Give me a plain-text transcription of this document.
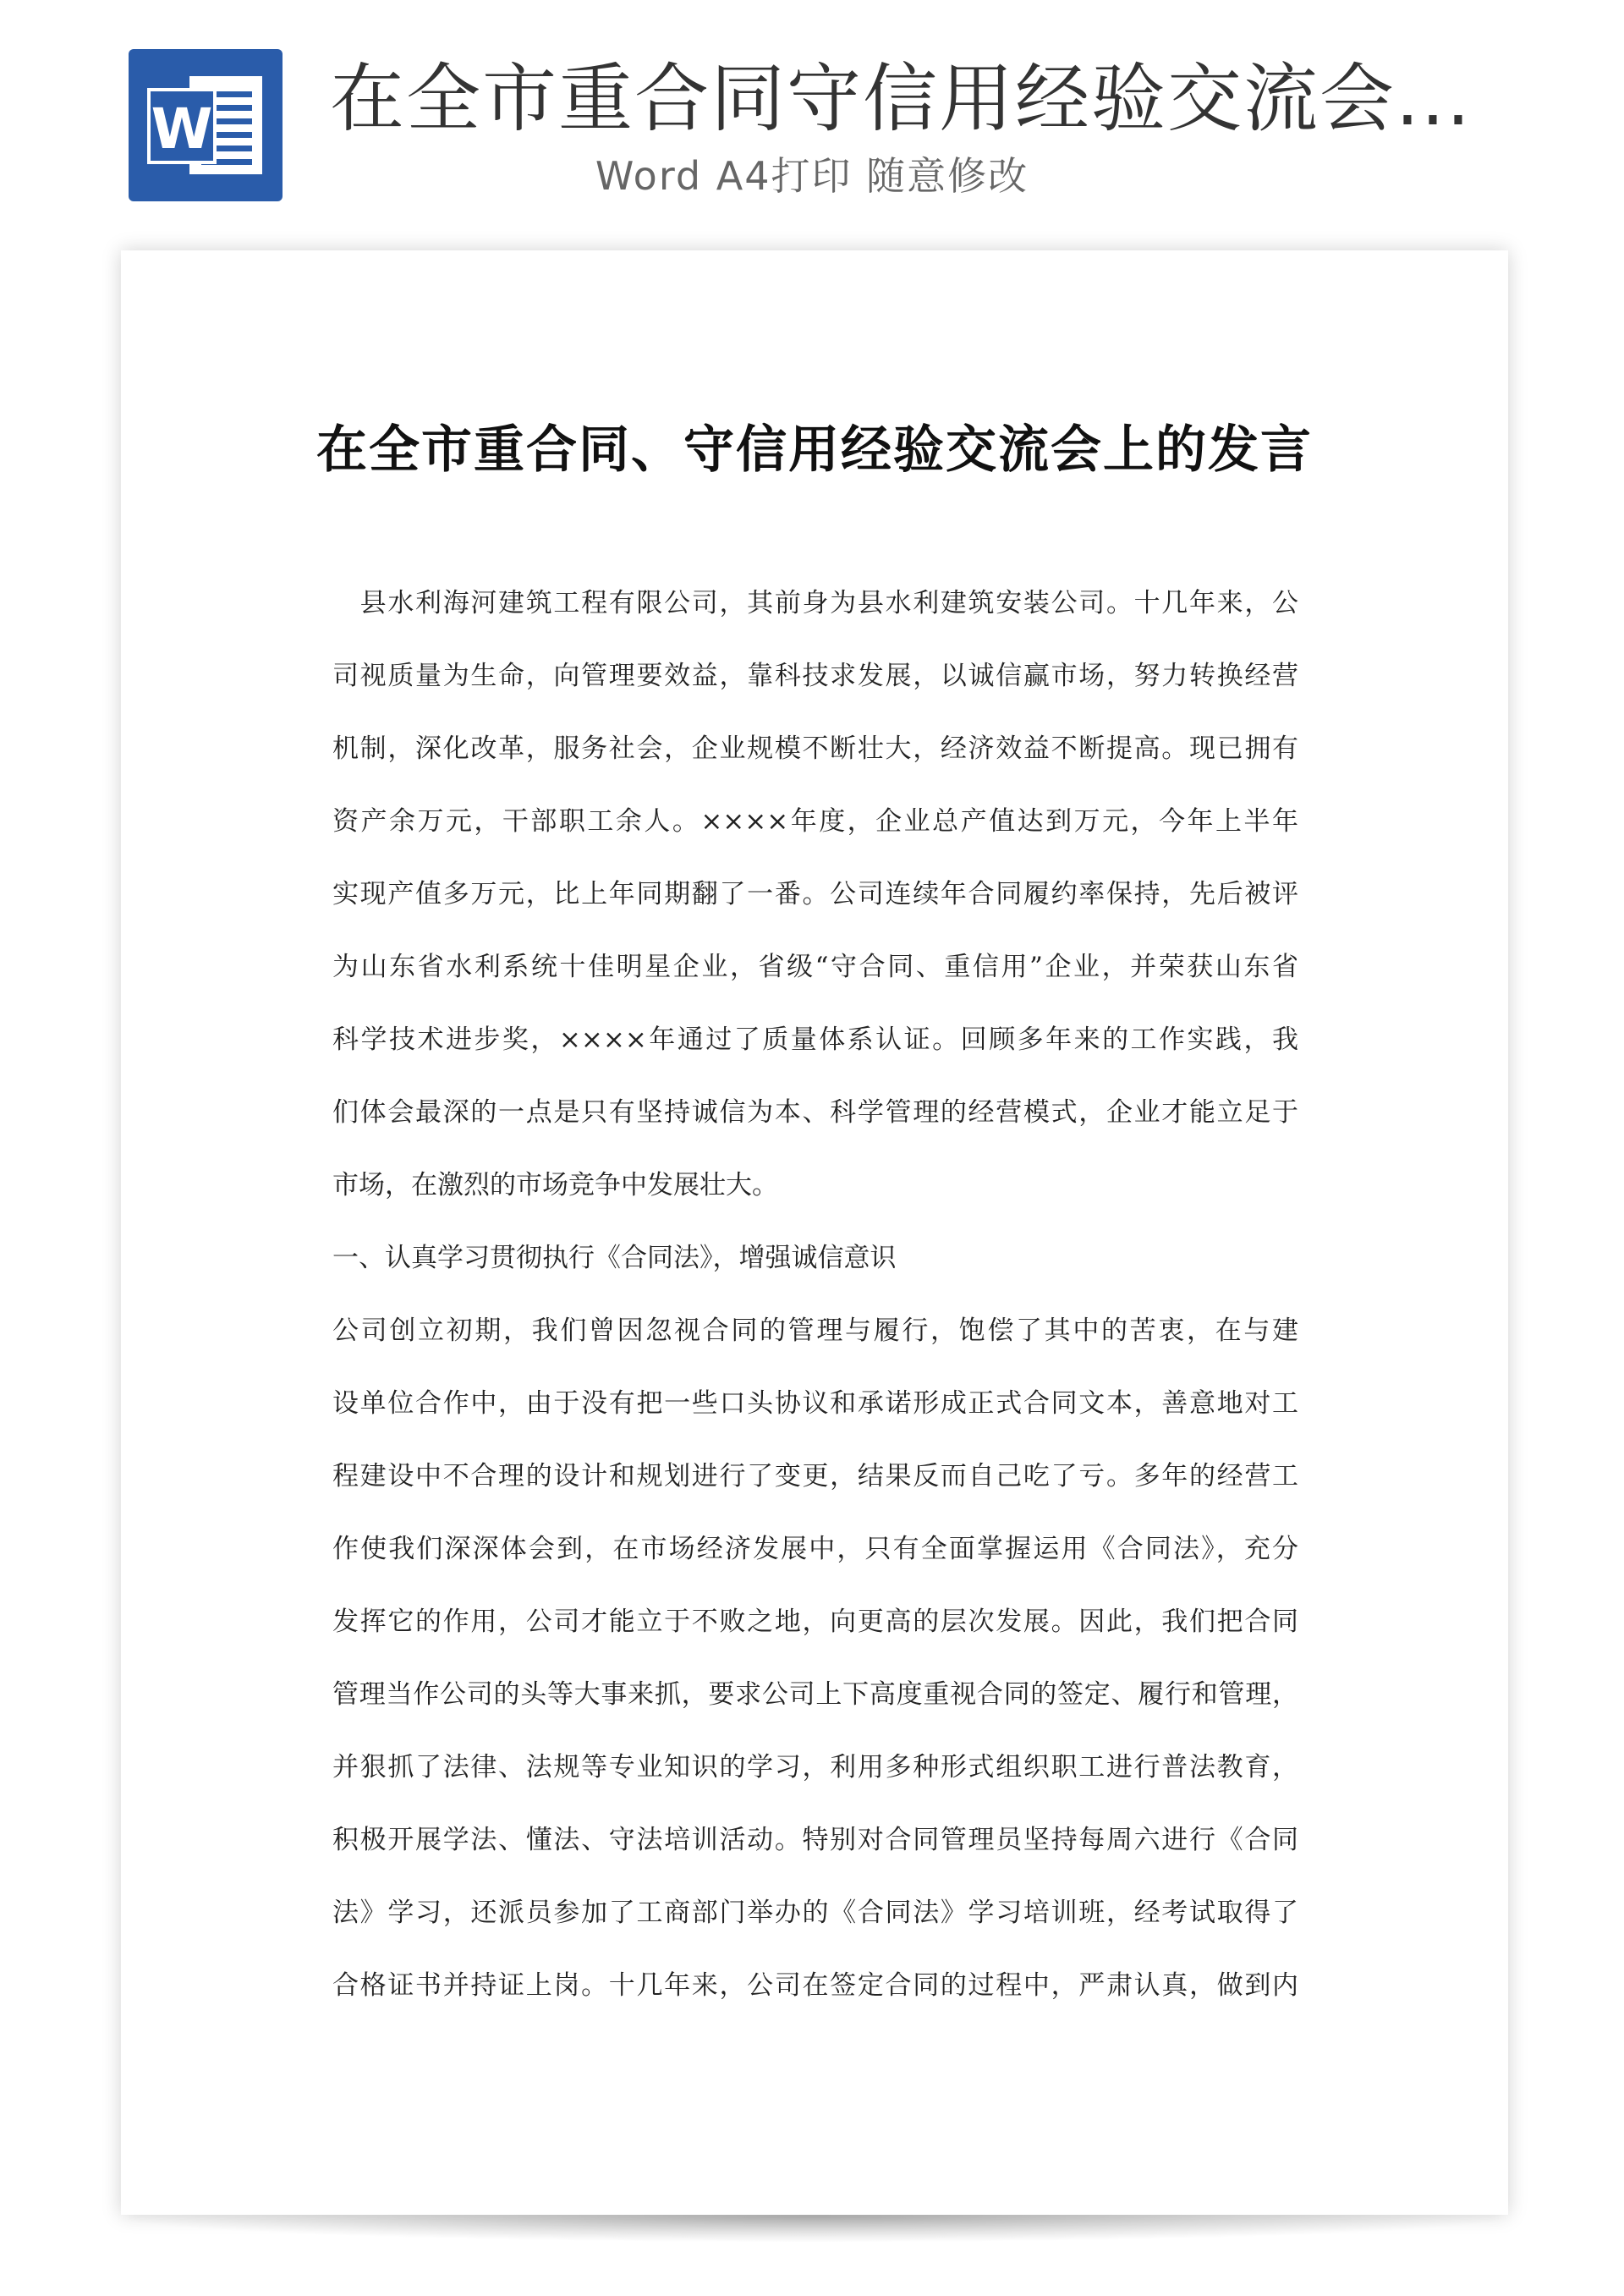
W 在全市重合同守信用经验交流会...
Word A4打印 随意修改
在全市重合同、守信用经验交流会上的发言
　县水利海河建筑工程有限公司，其前身为县水利建筑安装公司。十几年来，公
司视质量为生命，向管理要效益，靠科技求发展，以诚信赢市场，努力转换经营
机制，深化改革，服务社会，企业规模不断壮大，经济效益不断提高。现已拥有
资产余万元，干部职工余人。××××年度，企业总产值达到万元，今年上半年
实现产值多万元，比上年同期翻了一番。公司连续年合同履约率保持，先后被评
为山东省水利系统十佳明星企业，省级“守合同、重信用”企业，并荣获山东省
科学技术进步奖，××××年通过了质量体系认证。回顾多年来的工作实践，我
们体会最深的一点是只有坚持诚信为本、科学管理的经营模式，企业才能立足于
市场，在激烈的市场竞争中发展壮大。
一、认真学习贯彻执行《合同法》，增强诚信意识
公司创立初期，我们曾因忽视合同的管理与履行，饱偿了其中的苦衷，在与建
设单位合作中，由于没有把一些口头协议和承诺形成正式合同文本，善意地对工
程建设中不合理的设计和规划进行了变更，结果反而自己吃了亏。多年的经营工
作使我们深深体会到，在市场经济发展中，只有全面掌握运用《合同法》，充分
发挥它的作用，公司才能立于不败之地，向更高的层次发展。因此，我们把合同
管理当作公司的头等大事来抓，要求公司上下高度重视合同的签定、履行和管理，
并狠抓了法律、法规等专业知识的学习，利用多种形式组织职工进行普法教育，
积极开展学法、懂法、守法培训活动。特别对合同管理员坚持每周六进行《合同
法》学习，还派员参加了工商部门举办的《合同法》学习培训班，经考试取得了
合格证书并持证上岗。十几年来，公司在签定合同的过程中，严肃认真，做到内
